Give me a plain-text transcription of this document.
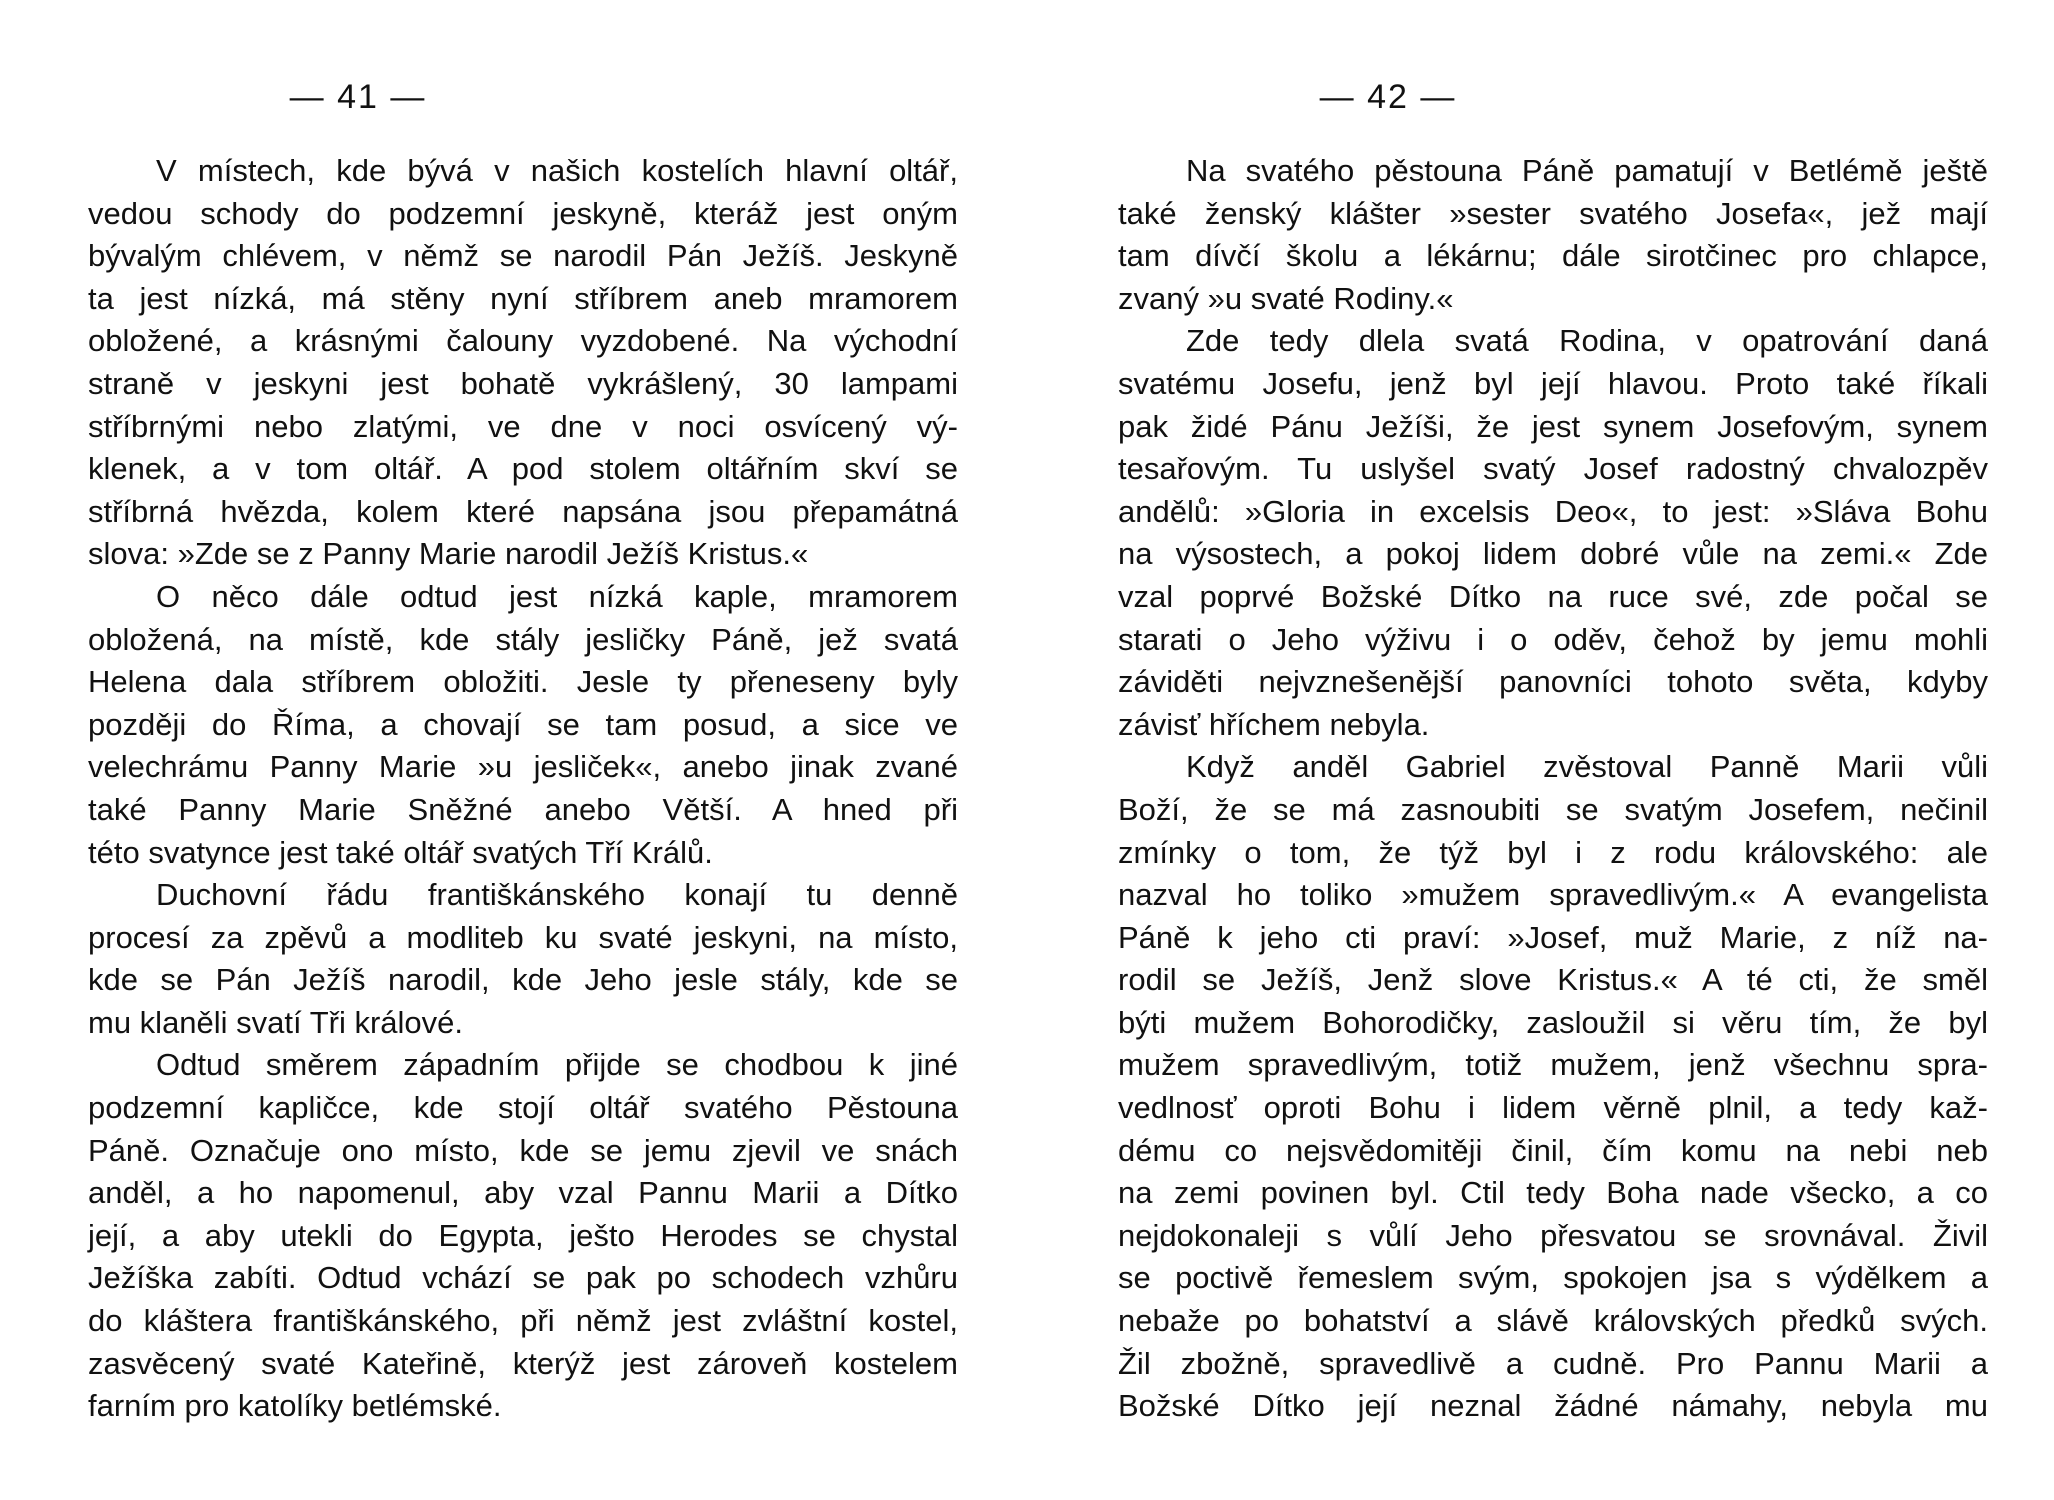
— 41 —
V místech, kde bývá v našich kostelích hlavní oltář,
vedou schody do podzemní jeskyně, kteráž jest oným
bývalým chlévem, v němž se narodil Pán Ježíš. Jeskyně
ta jest nízká, má stěny nyní stříbrem aneb mramorem
obložené, a krásnými čalouny vyzdobené. Na východní
straně v jeskyni jest bohatě vykrášlený, 30 lampami
stříbrnými nebo zlatými, ve dne v noci osvícený vý-
klenek, a v tom oltář. A pod stolem oltářním skví se
stříbrná hvězda, kolem které napsána jsou přepamátná
slova: »Zde se z Panny Marie narodil Ježíš Kristus.«
O něco dále odtud jest nízká kaple, mramorem
obložená, na místě, kde stály jesličky Páně, jež svatá
Helena dala stříbrem obložiti. Jesle ty přeneseny byly
později do Říma, a chovají se tam posud, a sice ve
velechrámu Panny Marie »u jesliček«, anebo jinak zvané
také Panny Marie Sněžné anebo Větší. A hned při
této svatynce jest také oltář svatých Tří Králů.
Duchovní řádu františkánského konají tu denně
procesí za zpěvů a modliteb ku svaté jeskyni, na místo,
kde se Pán Ježíš narodil, kde Jeho jesle stály, kde se
mu klaněli svatí Tři králové.
Odtud směrem západním přijde se chodbou k jiné
podzemní kapličce, kde stojí oltář svatého Pěstouna
Páně. Označuje ono místo, kde se jemu zjevil ve snách
anděl, a ho napomenul, aby vzal Pannu Marii a Dítko
její, a aby utekli do Egypta, ješto Herodes se chystal
Ježíška zabíti. Odtud vchází se pak po schodech vzhůru
do kláštera františkánského, při němž jest zvláštní kostel,
zasvěcený svaté Kateřině, kterýž jest zároveň kostelem
farním pro katolíky betlémské.
— 42 —
Na svatého pěstouna Páně pamatují v Betlémě ještě
také ženský klášter »sester svatého Josefa«, jež mají
tam dívčí školu a lékárnu; dále sirotčinec pro chlapce,
zvaný »u svaté Rodiny.«
Zde tedy dlela svatá Rodina, v opatrování daná
svatému Josefu, jenž byl její hlavou. Proto také říkali
pak židé Pánu Ježíši, že jest synem Josefovým, synem
tesařovým. Tu uslyšel svatý Josef radostný chvalozpěv
andělů: »Gloria in excelsis Deo«, to jest: »Sláva Bohu
na výsostech, a pokoj lidem dobré vůle na zemi.« Zde
vzal poprvé Božské Dítko na ruce své, zde počal se
starati o Jeho výživu i o oděv, čehož by jemu mohli
záviděti nejvznešenější panovníci tohoto světa, kdyby
závisť hříchem nebyla.
Když anděl Gabriel zvěstoval Panně Marii vůli
Boží, že se má zasnoubiti se svatým Josefem, nečinil
zmínky o tom, že týž byl i z rodu královského: ale
nazval ho toliko »mužem spravedlivým.« A evangelista
Páně k jeho cti praví: »Josef, muž Marie, z níž na-
rodil se Ježíš, Jenž slove Kristus.« A té cti, že směl
býti mužem Bohorodičky, zasloužil si věru tím, že byl
mužem spravedlivým, totiž mužem, jenž všechnu spra-
vedlnosť oproti Bohu i lidem věrně plnil, a tedy kaž-
dému co nejsvědomitěji činil, čím komu na nebi neb
na zemi povinen byl. Ctil tedy Boha nade všecko, a co
nejdokonaleji s vůlí Jeho přesvatou se srovnával. Živil
se poctivě řemeslem svým, spokojen jsa s výdělkem a
nebaže po bohatství a slávě královských předků svých.
Žil zbožně, spravedlivě a cudně. Pro Pannu Marii a
Božské Dítko její neznal žádné námahy, nebyla mu
